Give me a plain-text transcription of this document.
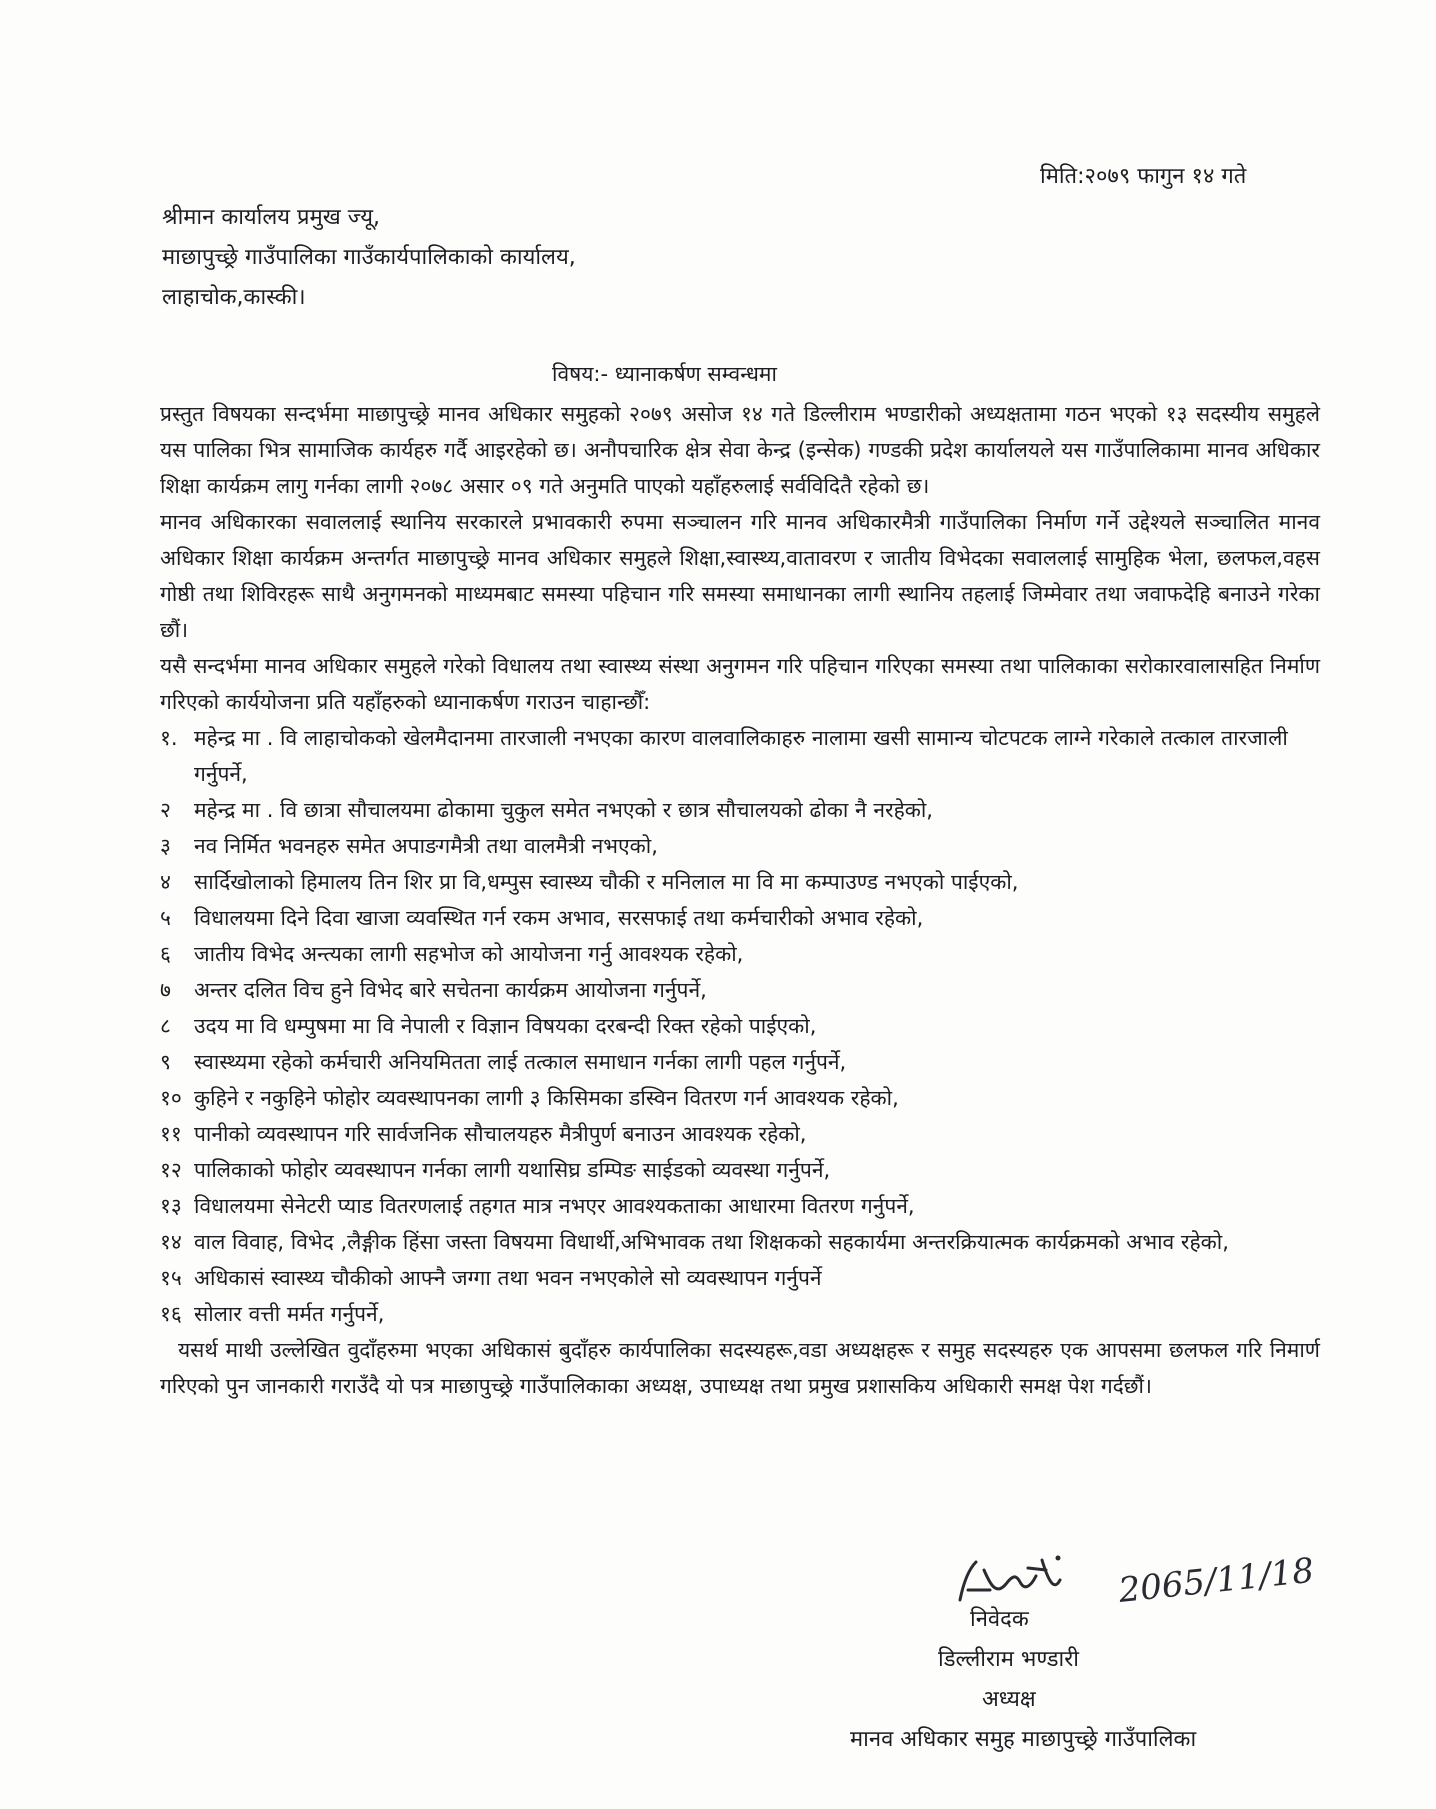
मिति:२०७९ फागुन १४ गते
श्रीमान कार्यालय प्रमुख ज्यू,
माछापुच्छ्रे गाउँपालिका गाउँकार्यपालिकाको कार्यालय,
लाहाचोक,कास्की।
विषय:- ध्यानाकर्षण सम्वन्धमा
प्रस्तुत विषयका सन्दर्भमा माछापुच्छ्रे मानव अधिकार समुहको २०७९ असोज १४ गते डिल्लीराम भण्डारीको अध्यक्षतामा गठन भएको १३ सदस्यीय समुहले यस पालिका भित्र सामाजिक कार्यहरु गर्दै आइरहेको छ। अनौपचारिक क्षेत्र सेवा केन्द्र (इन्सेक) गण्डकी प्रदेश कार्यालयले यस गाउँपालिकामा मानव अधिकार शिक्षा कार्यक्रम लागु गर्नका लागी २०७८ असार ०९ गते अनुमति पाएको यहाँहरुलाई सर्वविदितै रहेको छ।
मानव अधिकारका सवाललाई स्थानिय सरकारले प्रभावकारी रुपमा सञ्चालन गरि मानव अधिकारमैत्री गाउँपालिका निर्माण गर्ने उद्देश्यले सञ्चालित मानव अधिकार शिक्षा कार्यक्रम अन्तर्गत माछापुच्छ्रे मानव अधिकार समुहले शिक्षा,स्वास्थ्य,वातावरण र जातीय विभेदका सवाललाई सामुहिक भेला, छलफल,वहस गोष्ठी तथा शिविरहरू साथै अनुगमनको माध्यमबाट समस्या पहिचान गरि समस्या समाधानका लागी स्थानिय तहलाई जिम्मेवार तथा जवाफदेहि बनाउने गरेका छौं।
यसै सन्दर्भमा मानव अधिकार समुहले गरेको विधालय तथा स्वास्थ्य संस्था अनुगमन गरि पहिचान गरिएका समस्या तथा पालिकाका सरोकारवालासहित निर्माण गरिएको कार्ययोजना प्रति यहाँहरुको ध्यानाकर्षण गराउन चाहान्छौँ:
१. महेन्द्र मा . वि लाहाचोकको खेलमैदानमा तारजाली नभएका कारण वालवालिकाहरु नालामा खसी सामान्य चोटपटक लाग्ने गरेकाले तत्काल तारजाली गर्नुपर्ने,
२	महेन्द्र मा . वि छात्रा सौचालयमा ढोकामा चुकुल समेत नभएको र छात्र सौचालयको ढोका नै नरहेको,
३	नव निर्मित भवनहरु समेत अपाङगमैत्री तथा वालमैत्री नभएको,
४	सार्दिखोलाको हिमालय तिन शिर प्रा वि,धम्पुस स्वास्थ्य चौकी र मनिलाल मा वि मा कम्पाउण्ड नभएको पाईएको,
५	विधालयमा दिने दिवा खाजा व्यवस्थित गर्न रकम अभाव, सरसफाई तथा कर्मचारीको अभाव रहेको,
६	जातीय विभेद अन्त्यका लागी सहभोज को आयोजना गर्नु आवश्यक रहेको,
७	अन्तर दलित विच हुने विभेद बारे सचेतना कार्यक्रम आयोजना गर्नुपर्ने,
८	उदय मा वि धम्पुषमा मा वि नेपाली र विज्ञान विषयका दरबन्दी रिक्त रहेको पाईएको,
९	स्वास्थ्यमा रहेको कर्मचारी अनियमितता लाई तत्काल समाधान गर्नका लागी पहल गर्नुपर्ने,
१० कुहिने र नकुहिने फोहोर व्यवस्थापनका लागी ३ किसिमका डस्विन वितरण गर्न आवश्यक रहेको,
११ पानीको व्यवस्थापन गरि सार्वजनिक सौचालयहरु मैत्रीपुर्ण बनाउन आवश्यक रहेको,
१२ पालिकाको फोहोर व्यवस्थापन गर्नका लागी यथासिघ्र डम्पिङ साईडको व्यवस्था गर्नुपर्ने,
१३ विधालयमा सेनेटरी प्याड वितरणलाई तहगत मात्र नभएर आवश्यकताका आधारमा वितरण गर्नुपर्ने,
१४ वाल विवाह, विभेद ,लैङ्गीक हिंसा जस्ता विषयमा विधार्थी,अभिभावक तथा शिक्षकको सहकार्यमा अन्तरक्रियात्मक कार्यक्रमको अभाव रहेको,
१५ अधिकासं स्वास्थ्य चौकीको आफ्नै जग्गा तथा भवन नभएकोले सो व्यवस्थापन गर्नुपर्ने
१६ सोलार वत्ती मर्मत गर्नुपर्ने,
यसर्थ माथी उल्लेखित वुदाँहरुमा भएका अधिकासं बुदाँहरु कार्यपालिका सदस्यहरू,वडा अध्यक्षहरू र समुह सदस्यहरु एक आपसमा छलफल गरि निमार्ण गरिएको पुन जानकारी गराउँदै यो पत्र माछापुच्छ्रे गाउँपालिकाका अध्यक्ष, उपाध्यक्ष तथा प्रमुख प्रशासकिय अधिकारी समक्ष पेश गर्दछौं।
2065/11/18
निवेदक
डिल्लीराम भण्डारी
अध्यक्ष
मानव अधिकार समुह माछापुच्छ्रे गाउँपालिका
